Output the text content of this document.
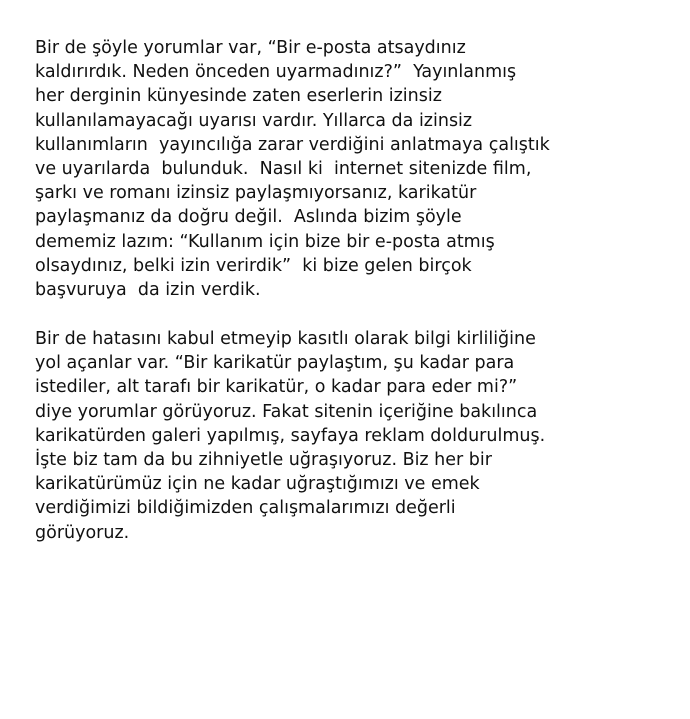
Bir de şöyle yorumlar var, “Bir e-posta atsaydınız
kaldırırdık. Neden önceden uyarmadınız?”  Yayınlanmış
her derginin künyesinde zaten eserlerin izinsiz
kullanılamayacağı uyarısı vardır. Yıllarca da izinsiz
kullanımların  yayıncılığa zarar verdiğini anlatmaya çalıştık
ve uyarılarda  bulunduk.  Nasıl ki  internet sitenizde film,
şarkı ve romanı izinsiz paylaşmıyorsanız, karikatür
paylaşmanız da doğru değil.  Aslında bizim şöyle
dememiz lazım: “Kullanım için bize bir e-posta atmış
olsaydınız, belki izin verirdik”  ki bize gelen birçok
başvuruya  da izin verdik.
Bir de hatasını kabul etmeyip kasıtlı olarak bilgi kirliliğine
yol açanlar var. “Bir karikatür paylaştım, şu kadar para
istediler, alt tarafı bir karikatür, o kadar para eder mi?”
diye yorumlar görüyoruz. Fakat sitenin içeriğine bakılınca
karikatürden galeri yapılmış, sayfaya reklam doldurulmuş.
İşte biz tam da bu zihniyetle uğraşıyoruz. Biz her bir
karikatürümüz için ne kadar uğraştığımızı ve emek
verdiğimizi bildiğimizden çalışmalarımızı değerli
görüyoruz.
